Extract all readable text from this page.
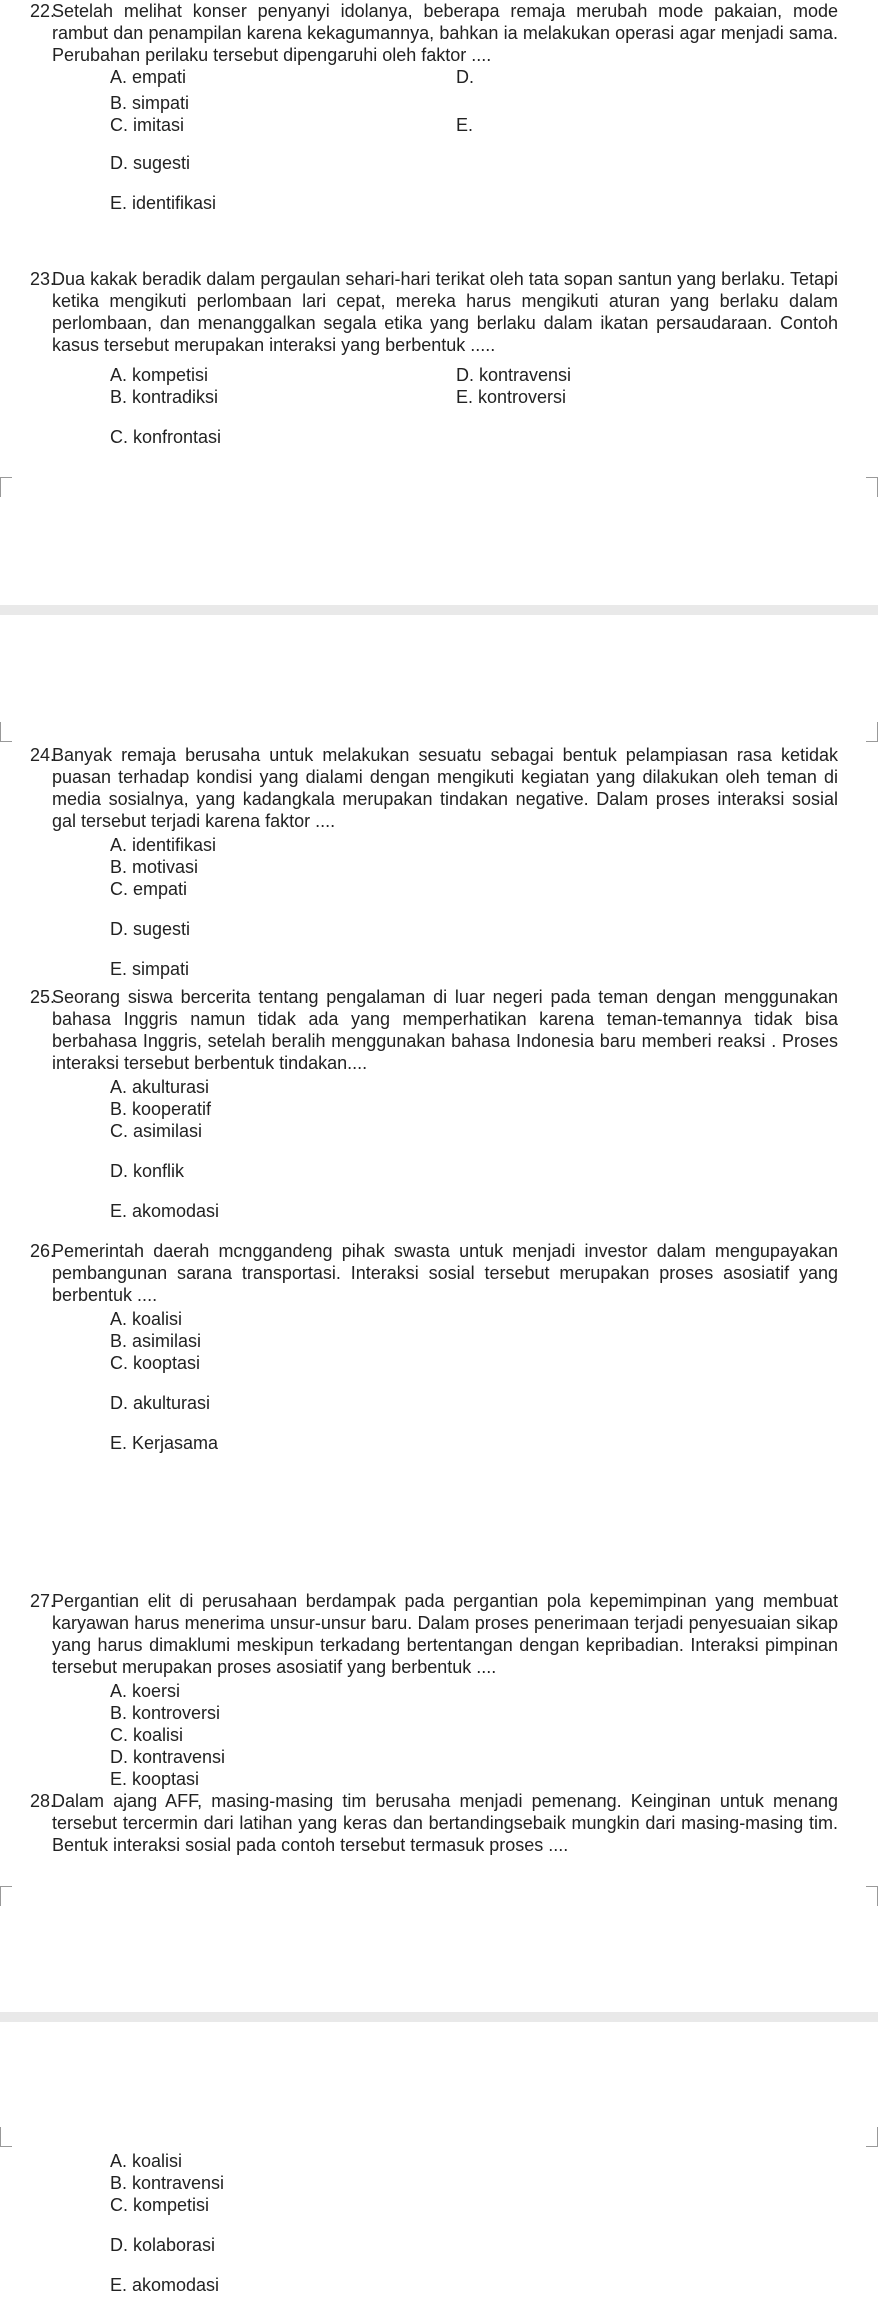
22.
Setelah melihat konser penyanyi idolanya, beberapa remaja merubah mode pakaian, mode rambut dan penampilan karena kekagumannya, bahkan ia melakukan operasi agar menjadi sama. Perubahan perilaku tersebut dipengaruhi oleh faktor ....
A. empati
B. simpati
C. imitasi
D. sugesti
E. identifikasi
D.
E.
23.
Dua kakak beradik dalam pergaulan sehari-hari terikat oleh tata sopan santun yang berlaku. Tetapi ketika mengikuti perlombaan lari cepat, mereka harus mengikuti aturan yang berlaku dalam perlombaan, dan menanggalkan segala etika yang berlaku dalam ikatan persaudaraan. Contoh kasus tersebut merupakan interaksi yang berbentuk .....
A. kompetisi
B. kontradiksi
C. konfrontasi
D. kontravensi
E. kontroversi
24.
Banyak remaja berusaha untuk melakukan sesuatu sebagai bentuk pelampiasan rasa ketidak puasan terhadap kondisi yang dialami dengan mengikuti kegiatan yang dilakukan oleh teman di media sosialnya, yang kadangkala merupakan tindakan negative. Dalam proses interaksi sosial gal tersebut terjadi karena faktor ....
A. identifikasi
B. motivasi
C. empati
D. sugesti
E. simpati
25.
Seorang siswa bercerita tentang pengalaman di luar negeri pada teman dengan menggunakan bahasa Inggris namun tidak ada yang memperhatikan karena teman-temannya tidak bisa berbahasa Inggris, setelah beralih menggunakan bahasa Indonesia baru memberi reaksi . Proses interaksi tersebut berbentuk tindakan....
A. akulturasi
B. kooperatif
C. asimilasi
D. konflik
E. akomodasi
26.
Pemerintah daerah mcnggandeng pihak swasta untuk menjadi investor dalam mengupayakan pembangunan sarana transportasi. Interaksi sosial tersebut merupakan proses asosiatif yang berbentuk ....
A. koalisi
B. asimilasi
C. kooptasi
D. akulturasi
E. Kerjasama
27.
Pergantian elit di perusahaan berdampak pada pergantian pola kepemimpinan yang membuat karyawan harus menerima unsur-unsur baru. Dalam proses penerimaan terjadi penyesuaian sikap yang harus dimaklumi meskipun terkadang bertentangan dengan kepribadian. Interaksi pimpinan tersebut merupakan proses asosiatif yang berbentuk ....
A. koersi
B. kontroversi
C. koalisi
D. kontravensi
E. kooptasi
28.
Dalam ajang AFF, masing-masing tim berusaha menjadi pemenang. Keinginan untuk menang tersebut tercermin dari latihan yang keras dan bertandingsebaik mungkin dari masing-masing tim. Bentuk interaksi sosial pada contoh tersebut termasuk proses ....
A. koalisi
B. kontravensi
C. kompetisi
D. kolaborasi
E. akomodasi
